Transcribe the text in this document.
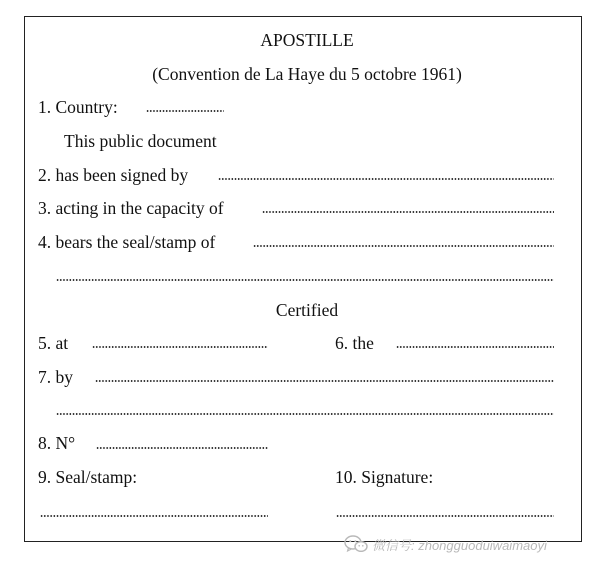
APOSTILLE
(Convention de La Haye du 5 octobre 1961)
1. Country:
This public document
2. has been signed by
3. acting in the capacity of
4. bears the seal/stamp of
Certified
5. at	6. the
7. by
8. N°
9. Seal/stamp:	10. Signature:
微信号: zhongguoduiwaimaoyi
